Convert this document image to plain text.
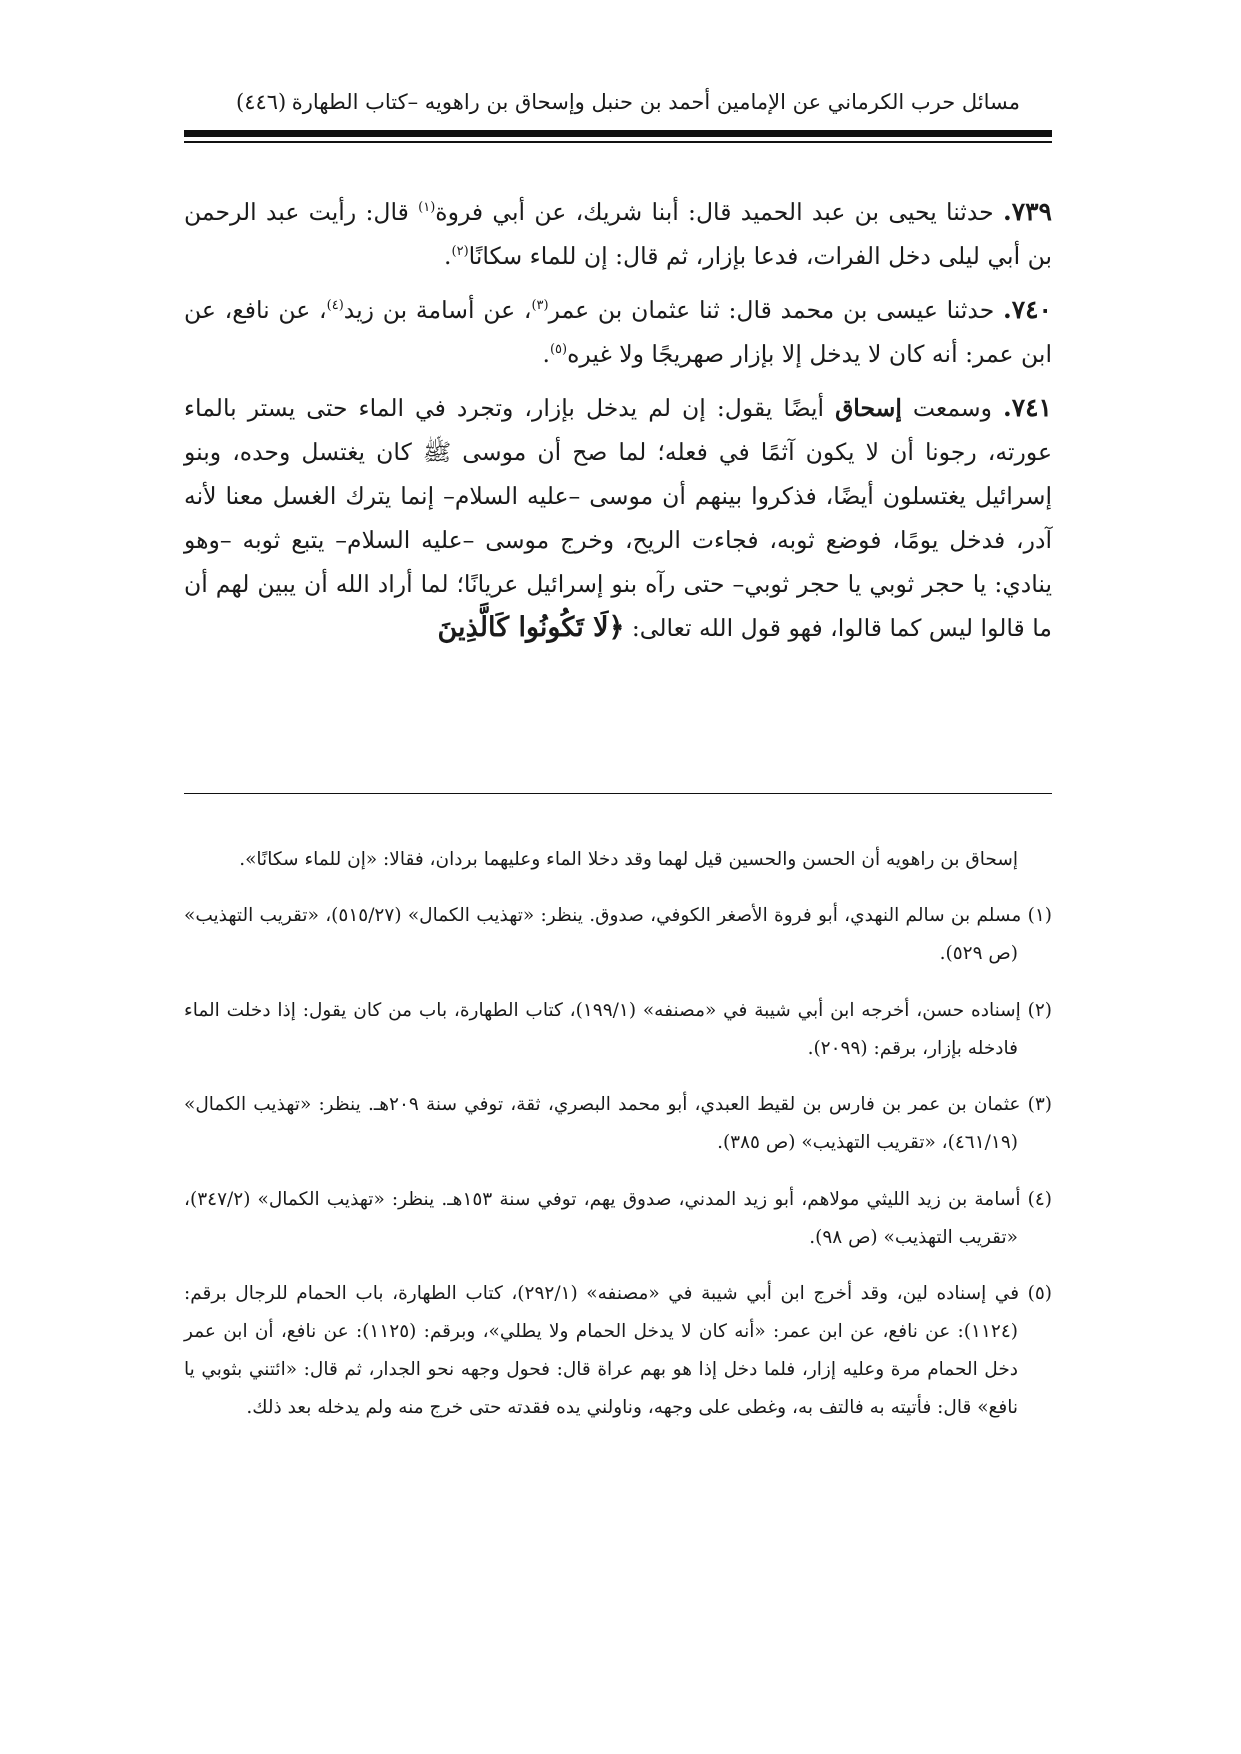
مسائل حرب الكرماني عن الإمامين أحمد بن حنبل وإسحاق بن راهويه –كتاب الطهارة
(٤٤٦)

٧٣٩. حدثنا يحيى بن عبد الحميد قال: أبنا شريك، عن أبي فروة$^{(١)}$ قال: رأيت عبد الرحمن بن أبي ليلى دخل الفرات، فدعا بإزار، ثم قال: إن للماء سكانًا$^{(٢)}$.

٧٤٠. حدثنا عيسى بن محمد قال: ثنا عثمان بن عمر$^{(٣)}$، عن أسامة بن زيد$^{(٤)}$، عن نافع، عن ابن عمر: أنه كان لا يدخل إلا بإزار صهريجًا ولا غيره$^{(٥)}$.

٧٤١. وسمعت إسحاق أيضًا يقول: إن لم يدخل بإزار، وتجرد في الماء حتى يستر بالماء عورته، رجونا أن لا يكون آثمًا في فعله؛ لما صح أن موسى ﷺ كان يغتسل وحده، وبنو إسرائيل يغتسلون أيضًا، فذكروا بينهم أن موسى –عليه السلام– إنما يترك الغسل معنا لأنه آدر، فدخل يومًا، فوضع ثوبه، فجاءت الريح، وخرج موسى –عليه السلام– يتبع ثوبه –وهو ينادي: يا حجر ثوبي يا حجر ثوبي– حتى رآه بنو إسرائيل عريانًا؛ لما أراد الله أن يبين لهم أن ما قالوا ليس كما قالوا، فهو قول الله تعالى: ﴿لَا تَكُونُوا كَالَّذِينَ

إسحاق بن راهويه أن الحسن والحسين قيل لهما وقد دخلا الماء وعليهما بردان، فقالا: «إن للماء سكانًا».

(١) مسلم بن سالم النهدي، أبو فروة الأصغر الكوفي، صدوق. ينظر: «تهذيب الكمال» (٥١٥/٢٧)، «تقريب التهذيب» (ص ٥٢٩).

(٢) إسناده حسن، أخرجه ابن أبي شيبة في «مصنفه» (١٩٩/١)، كتاب الطهارة، باب من كان يقول: إذا دخلت الماء فادخله بإزار، برقم: (٢٠٩٩).

(٣) عثمان بن عمر بن فارس بن لقيط العبدي، أبو محمد البصري، ثقة، توفي سنة ٢٠٩هـ. ينظر: «تهذيب الكمال» (٤٦١/١٩)، «تقريب التهذيب» (ص ٣٨٥).

(٤) أسامة بن زيد الليثي مولاهم، أبو زيد المدني، صدوق يهم، توفي سنة ١٥٣هـ. ينظر: «تهذيب الكمال» (٣٤٧/٢)، «تقريب التهذيب» (ص ٩٨).

(٥) في إسناده لين، وقد أخرج ابن أبي شيبة في «مصنفه» (٢٩٢/١)، كتاب الطهارة، باب الحمام للرجال برقم: (١١٢٤): عن نافع، عن ابن عمر: «أنه كان لا يدخل الحمام ولا يطلي»، وبرقم: (١١٢٥): عن نافع، أن ابن عمر دخل الحمام مرة وعليه إزار، فلما دخل إذا هو بهم عراة قال: فحول وجهه نحو الجدار، ثم قال: «ائتني بثوبي يا نافع» قال: فأتيته به فالتف به، وغطى على وجهه، وناولني يده فقدته حتى خرج منه ولم يدخله بعد ذلك.
